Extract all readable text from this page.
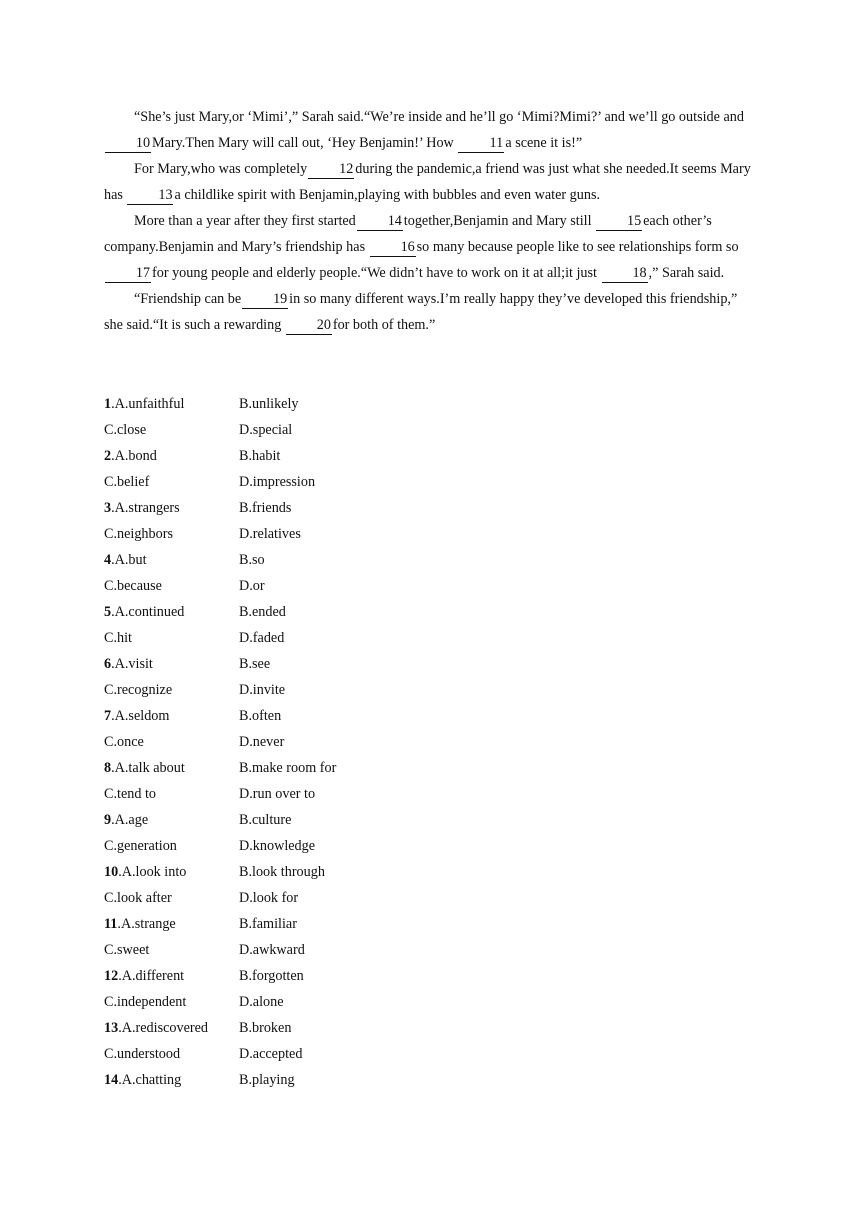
“She’s just Mary,or ‘Mimi’,” Sarah said.“We’re inside and he’ll go ‘Mimi?Mimi?’ and we’ll go outside and10 Mary.Then Mary will call out, ‘Hey Benjamin!’ How 11 a scene it is!”

For Mary,who was completely 12 during the pandemic,a friend was just what she needed.It seems Mary has 13 a childlike spirit with Benjamin,playing with bubbles and even water guns.

More than a year after they first started 14 together,Benjamin and Mary still 15 each other’s company.Benjamin and Mary’s friendship has 16 so many because people like to see relationships form so 17 for young people and elderly people.“We didn’t have to work on it at all;it just 18 ,” Sarah said.

“Friendship can be 19 in so many different ways.I’m really happy they’ve developed this friendship,” she said.“It is such a rewarding 20 for both of them.”

1.A.unfaithful	B.unlikely
C.close	D.special
2.A.bond	B.habit
C.belief	D.impression
3.A.strangers	B.friends
C.neighbors	D.relatives
4.A.but	B.so
C.because	D.or
5.A.continued	B.ended
C.hit	D.faded
6.A.visit	B.see
C.recognize	D.invite
7.A.seldom	B.often
C.once	D.never
8.A.talk about	B.make room for
C.tend to	D.run over to
9.A.age	B.culture
C.generation	D.knowledge
10.A.look into	B.look through
C.look after	D.look for
11.A.strange	B.familiar
C.sweet	D.awkward
12.A.different	B.forgotten
C.independent	D.alone
13.A.rediscovered	B.broken
C.understood	D.accepted
14.A.chatting	B.playing
